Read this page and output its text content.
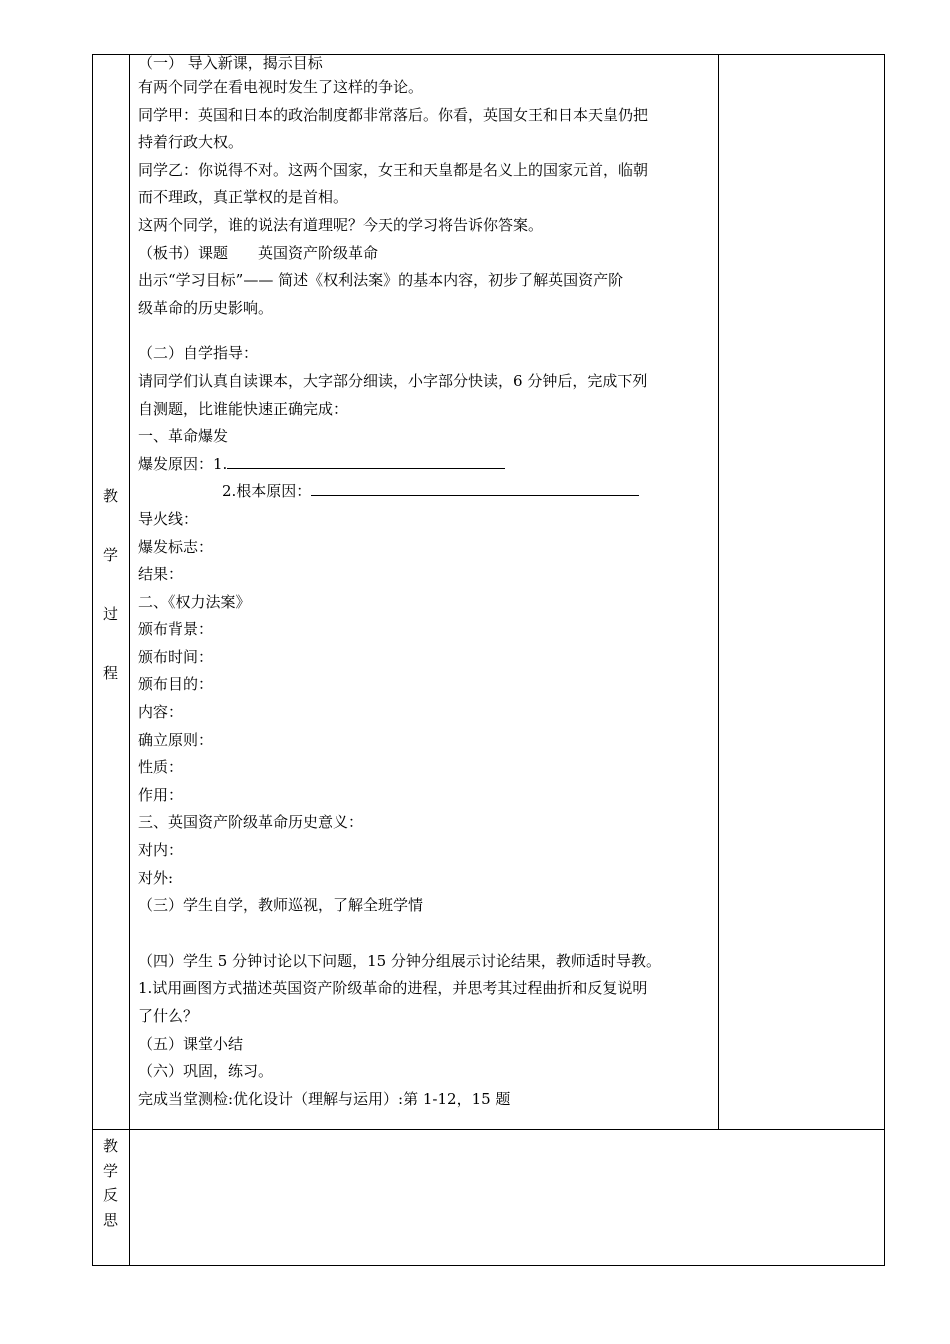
教
学
过
程
教
学
反
思
（一） 导入新课，揭示目标
有两个同学在看电视时发生了这样的争论。
同学甲：英国和日本的政治制度都非常落后。你看，英国女王和日本天皇仍把
持着行政大权。
同学乙：你说得不对。这两个国家，女王和天皇都是名义上的国家元首，临朝
而不理政，真正掌权的是首相。
这两个同学，谁的说法有道理呢？今天的学习将告诉你答案。
（板书）课题　　英国资产阶级革命
出示“学习目标”—— 简述《权利法案》的基本内容，初步了解英国资产阶
级革命的历史影响。
（二）自学指导：
请同学们认真自读课本，大字部分细读，小字部分快读，6 分钟后，完成下列
自测题，比谁能快速正确完成：
一、革命爆发
爆发原因：1.
2.根本原因：
导火线：
爆发标志：
结果：
二、《权力法案》
颁布背景：
颁布时间：
颁布目的：
内容：
确立原则：
性质：
作用：
三、英国资产阶级革命历史意义：
对内：
对外:
（三）学生自学，教师巡视，了解全班学情
（四）学生 5 分钟讨论以下问题，15 分钟分组展示讨论结果，教师适时导教。
1.试用画图方式描述英国资产阶级革命的进程，并思考其过程曲折和反复说明
了什么？
（五）课堂小结
（六）巩固，练习。
完成当堂测检:优化设计（理解与运用）:第 1-12，15 题
